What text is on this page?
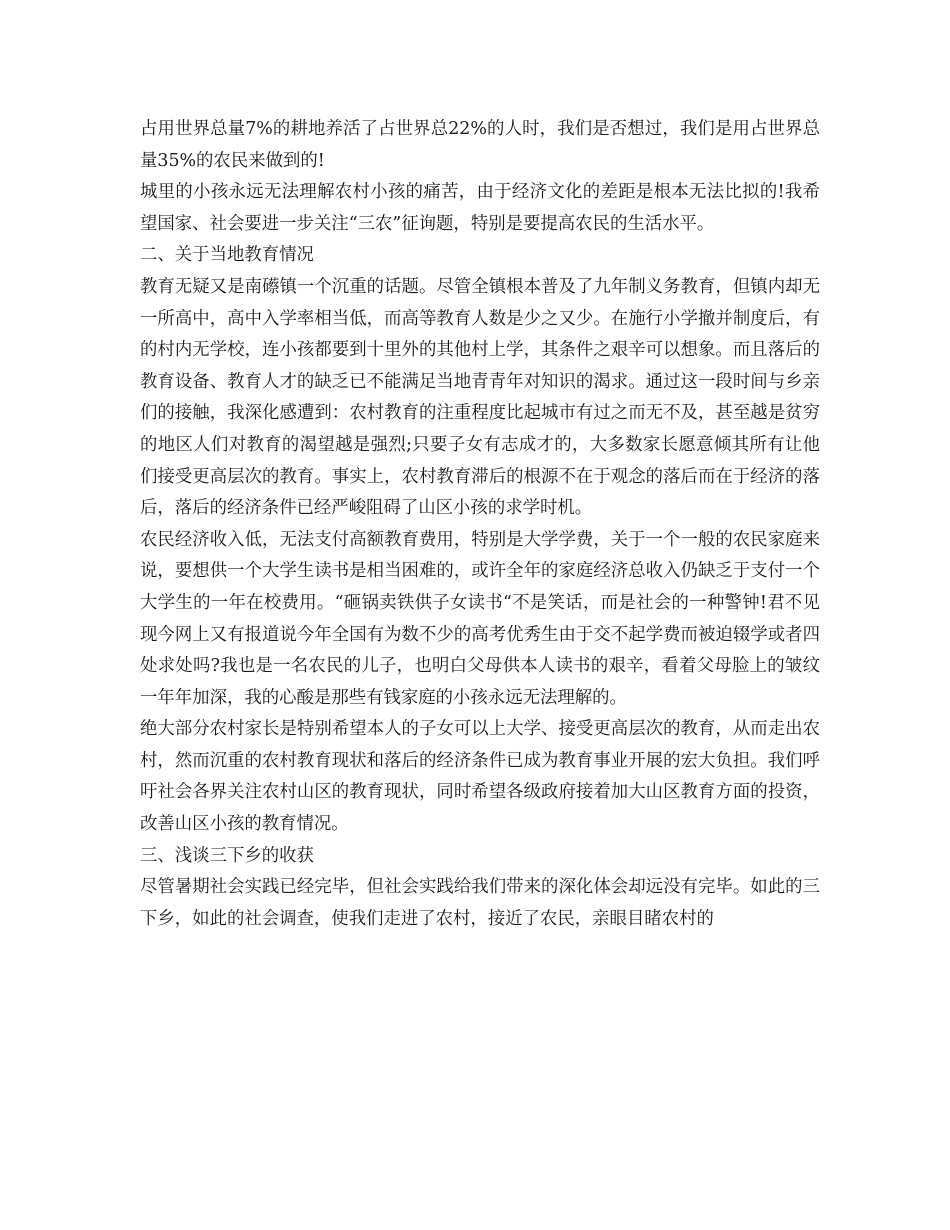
占用世界总量7%的耕地养活了占世界总22%的人时，我们是否想过，我们是用占世界总量35%的农民来做到的!

城里的小孩永远无法理解农村小孩的痛苦，由于经济文化的差距是根本无法比拟的!我希望国家、社会要进一步关注“三农”征询题，特别是要提高农民的生活水平。

二、关于当地教育情况

教育无疑又是南礤镇一个沉重的话题。尽管全镇根本普及了九年制义务教育，但镇内却无一所高中，高中入学率相当低，而高等教育人数是少之又少。在施行小学撤并制度后，有的村内无学校，连小孩都要到十里外的其他村上学，其条件之艰辛可以想象。而且落后的教育设备、教育人才的缺乏已不能满足当地青青年对知识的渴求。通过这一段时间与乡亲们的接触，我深化感遭到：农村教育的注重程度比起城市有过之而无不及，甚至越是贫穷的地区人们对教育的渴望越是强烈;只要子女有志成才的，大多数家长愿意倾其所有让他们接受更高层次的教育。事实上，农村教育滞后的根源不在于观念的落后而在于经济的落后，落后的经济条件已经严峻阻碍了山区小孩的求学时机。

农民经济收入低，无法支付高额教育费用，特别是大学学费，关于一个一般的农民家庭来说，要想供一个大学生读书是相当困难的，或许全年的家庭经济总收入仍缺乏于支付一个大学生的一年在校费用。“砸锅卖铁供子女读书“不是笑话，而是社会的一种警钟!君不见现今网上又有报道说今年全国有为数不少的高考优秀生由于交不起学费而被迫辍学或者四处求处吗?我也是一名农民的儿子，也明白父母供本人读书的艰辛，看着父母脸上的皱纹一年年加深，我的心酸是那些有钱家庭的小孩永远无法理解的。

绝大部分农村家长是特别希望本人的子女可以上大学、接受更高层次的教育，从而走出农村，然而沉重的农村教育现状和落后的经济条件已成为教育事业开展的宏大负担。我们呼吁社会各界关注农村山区的教育现状，同时希望各级政府接着加大山区教育方面的投资，改善山区小孩的教育情况。

三、浅谈三下乡的收获

尽管暑期社会实践已经完毕，但社会实践给我们带来的深化体会却远没有完毕。如此的三下乡，如此的社会调查，使我们走进了农村，接近了农民，亲眼目睹农村的
